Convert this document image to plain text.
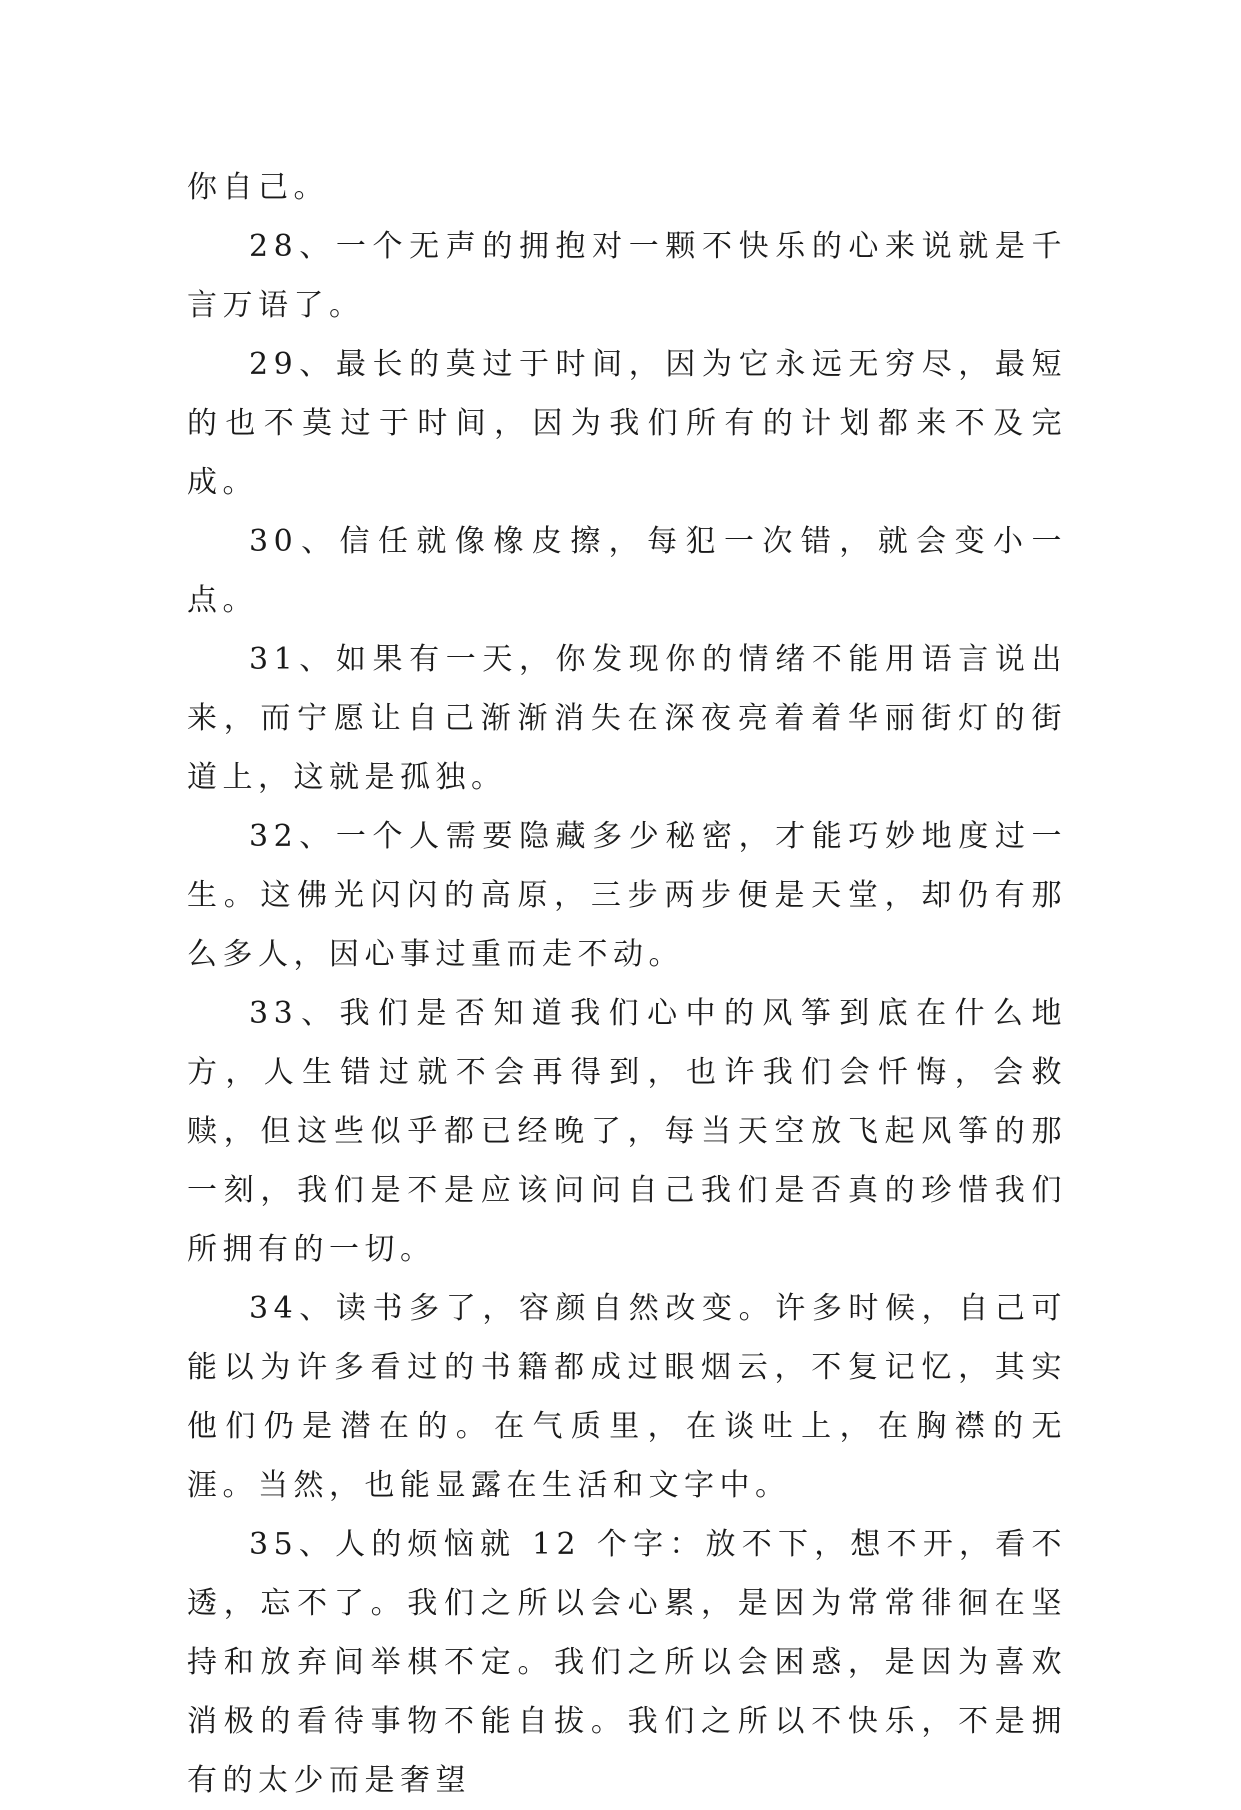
你自己。

28、一个无声的拥抱对一颗不快乐的心来说就是千言万语了。

29、最长的莫过于时间，因为它永远无穷尽，最短的也不莫过于时间，因为我们所有的计划都来不及完成。

30、信任就像橡皮擦，每犯一次错，就会变小一点。

31、如果有一天，你发现你的情绪不能用语言说出来，而宁愿让自己渐渐消失在深夜亮着着华丽街灯的街道上，这就是孤独。

32、一个人需要隐藏多少秘密，才能巧妙地度过一生。这佛光闪闪的高原，三步两步便是天堂，却仍有那么多人，因心事过重而走不动。

33、我们是否知道我们心中的风筝到底在什么地方，人生错过就不会再得到，也许我们会忏悔，会救赎，但这些似乎都已经晚了，每当天空放飞起风筝的那一刻，我们是不是应该问问自己我们是否真的珍惜我们所拥有的一切。

34、读书多了，容颜自然改变。许多时候，自己可能以为许多看过的书籍都成过眼烟云，不复记忆，其实他们仍是潜在的。在气质里，在谈吐上，在胸襟的无涯。当然，也能显露在生活和文字中。

35、人的烦恼就 12 个字：放不下，想不开，看不透，忘不了。我们之所以会心累，是因为常常徘徊在坚持和放弃间举棋不定。我们之所以会困惑，是因为喜欢消极的看待事物不能自拔。我们之所以不快乐，不是拥有的太少而是奢望
